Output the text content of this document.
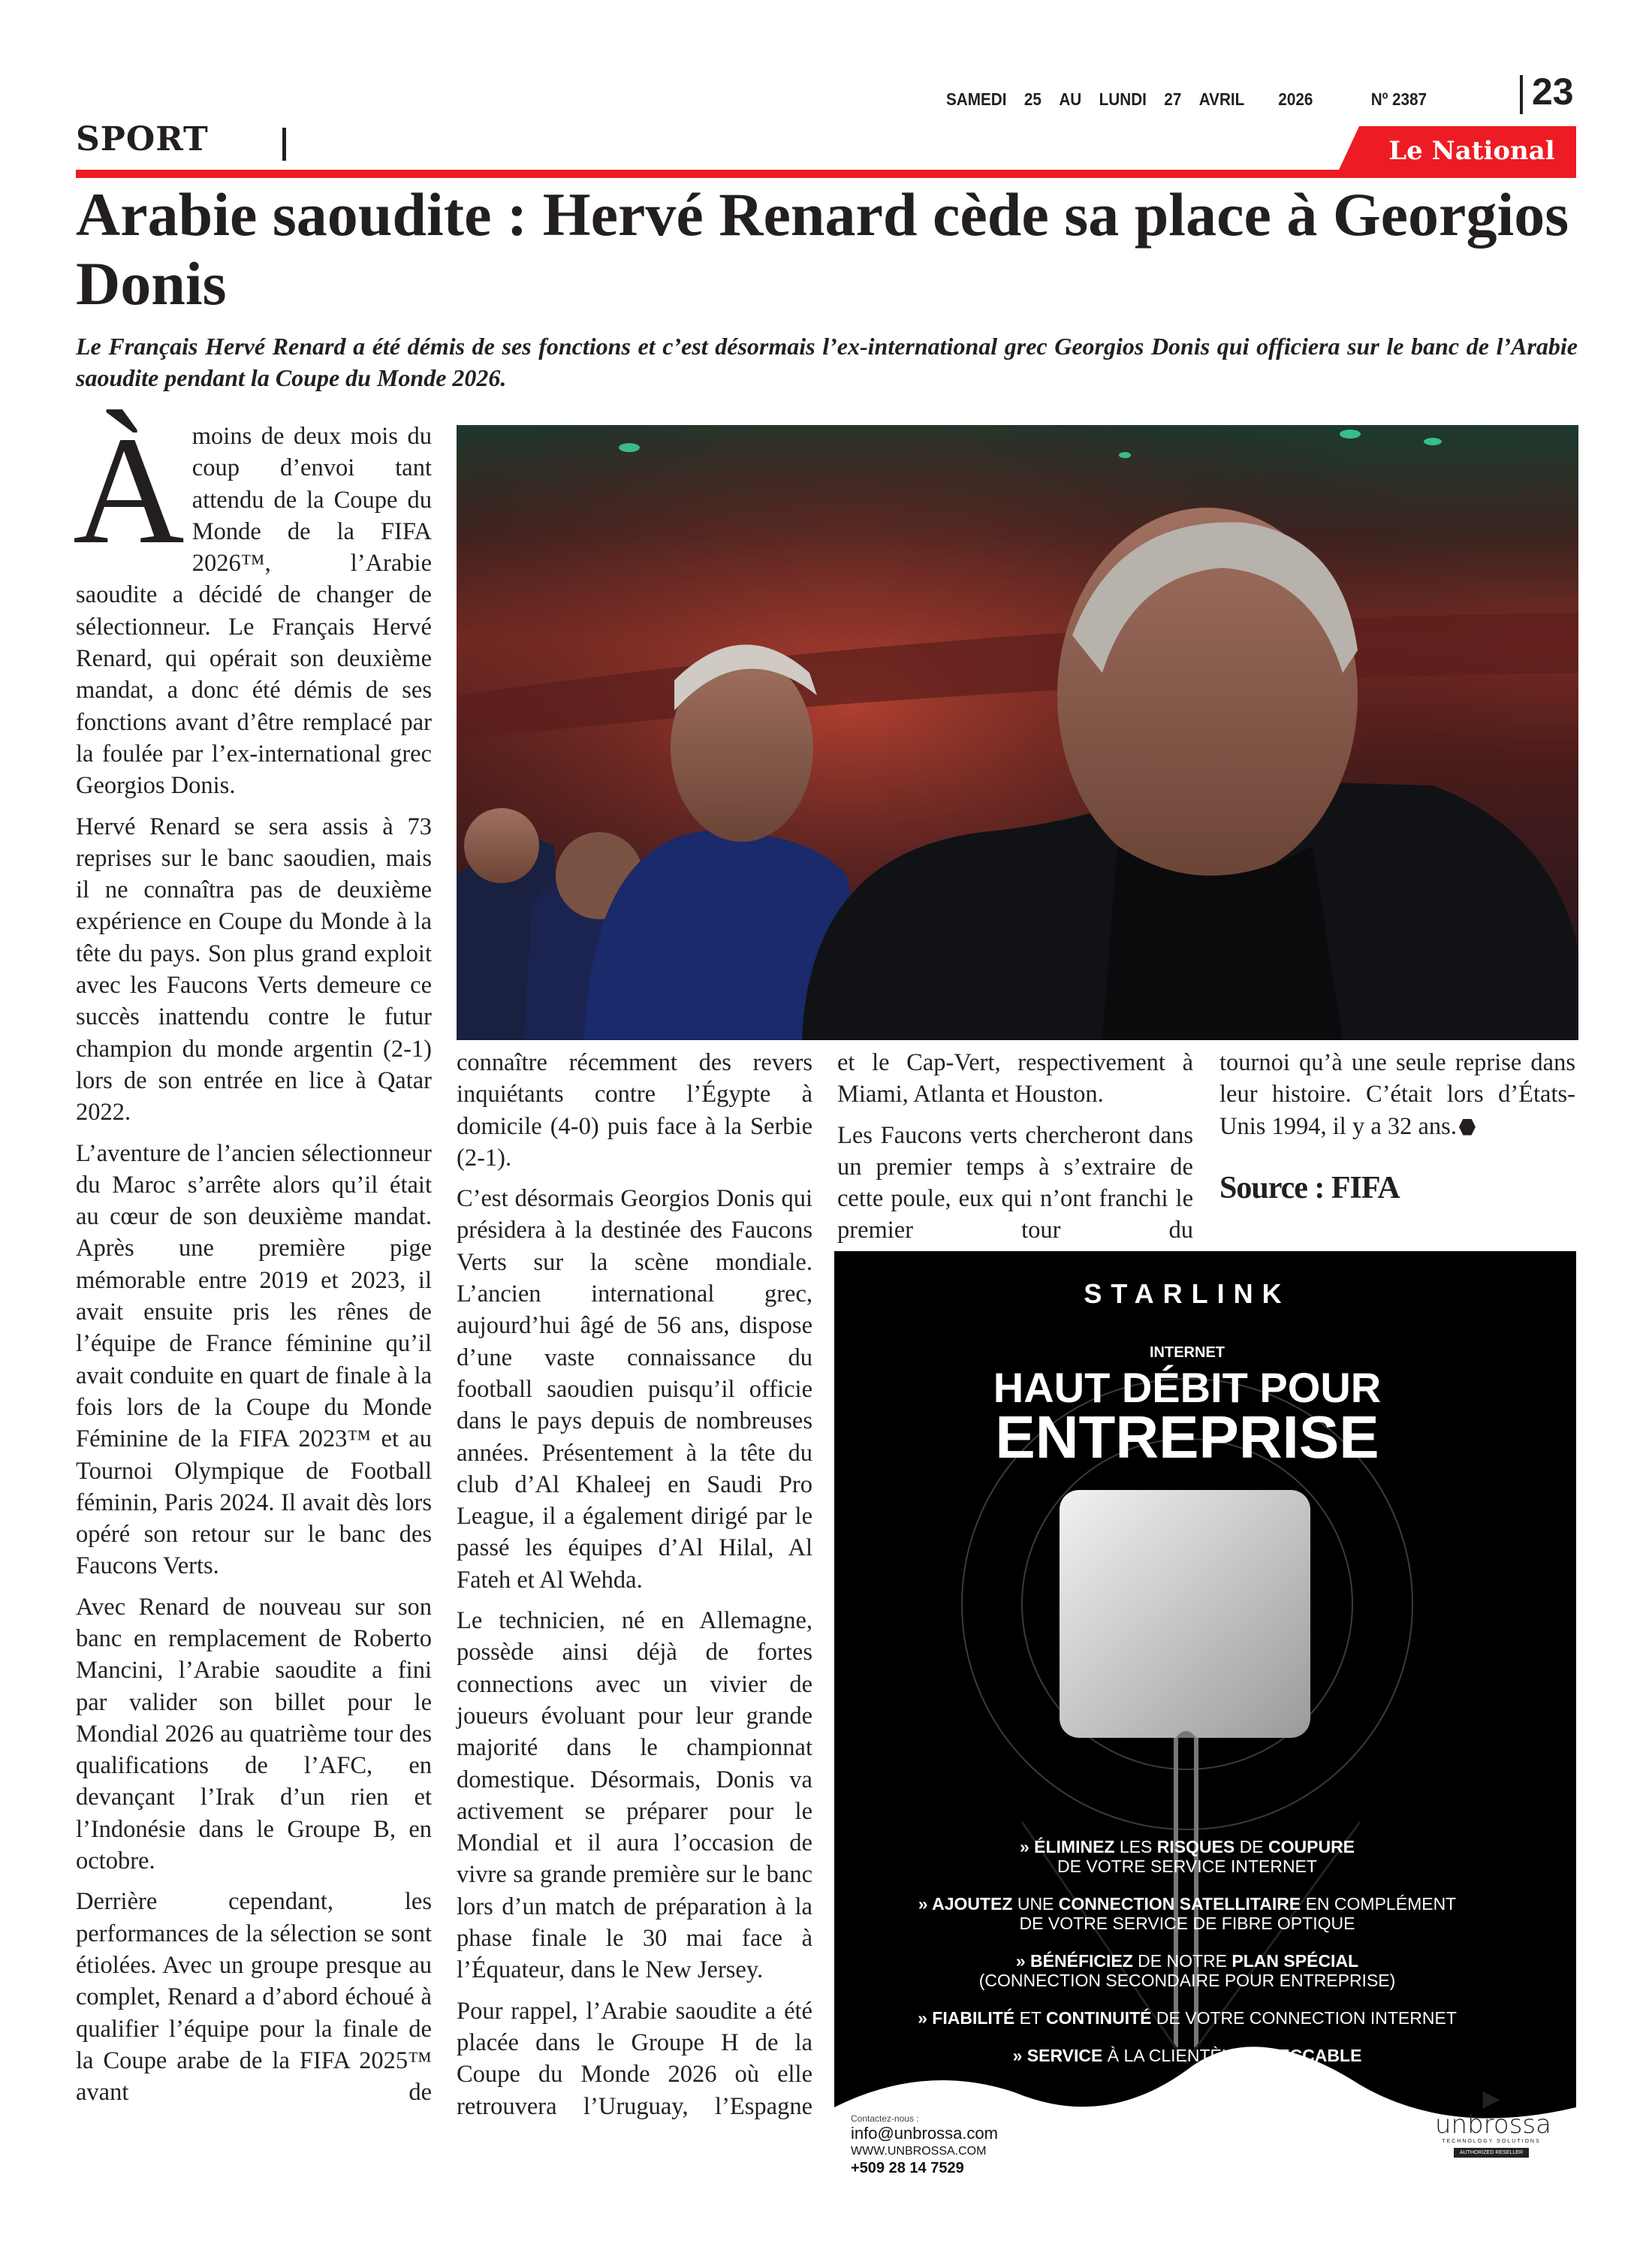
SAMEDI 25 AU LUNDI 27 AVRIL 2026	Nº 2387	23
SPORT	Le National
Arabie saoudite : Hervé Renard cède sa place à Georgios Donis

Le Français Hervé Renard a été démis de ses fonctions et c’est désormais l’ex-international grec Georgios Donis qui officiera sur le banc de l’Arabie saoudite pendant la Coupe du Monde 2026.

À moins de deux mois du coup d’envoi tant attendu de la Coupe du Monde de la FIFA 2026™, l’Arabie saoudite a décidé de changer de sélectionneur. Le Français Hervé Renard, qui opérait son deuxième mandat, a donc été démis de ses fonctions avant d’être remplacé par la foulée par l’ex-international grec Georgios Donis.

Hervé Renard se sera assis à 73 reprises sur le banc saoudien, mais il ne connaîtra pas de deuxième expérience en Coupe du Monde à la tête du pays. Son plus grand exploit avec les Faucons Verts demeure ce succès inattendu contre le futur champion du monde argentin (2-1) lors de son entrée en lice à Qatar 2022.

L’aventure de l’ancien sélectionneur du Maroc s’arrête alors qu’il était au cœur de son deuxième mandat. Après une première pige mémorable entre 2019 et 2023, il avait ensuite pris les rênes de l’équipe de France féminine qu’il avait conduite en quart de finale à la fois lors de la Coupe du Monde Féminine de la FIFA 2023™ et au Tournoi Olympique de Football féminin, Paris 2024. Il avait dès lors opéré son retour sur le banc des Faucons Verts.

Avec Renard de nouveau sur son banc en remplacement de Roberto Mancini, l’Arabie saoudite a fini par valider son billet pour le Mondial 2026 au quatrième tour des qualifications de l’AFC, en devançant l’Irak d’un rien et l’Indonésie dans le Groupe B, en octobre.

Derrière cependant, les performances de la sélection se sont étiolées. Avec un groupe presque au complet, Renard a d’abord échoué à qualifier l’équipe pour la finale de la Coupe arabe de la FIFA 2025™ avant de

connaître récemment des revers inquiétants contre l’Égypte à domicile (4-0) puis face à la Serbie (2-1).

C’est désormais Georgios Donis qui présidera à la destinée des Faucons Verts sur la scène mondiale. L’ancien international grec, aujourd’hui âgé de 56 ans, dispose d’une vaste connaissance du football saoudien puisqu’il officie dans le pays depuis de nombreuses années. Présentement à la tête du club d’Al Khaleej en Saudi Pro League, il a également dirigé par le passé les équipes d’Al Hilal, Al Fateh et Al Wehda.

Le technicien, né en Allemagne, possède ainsi déjà de fortes connections avec un vivier de joueurs évoluant pour leur grande majorité dans le championnat domestique. Désormais, Donis va activement se préparer pour le Mondial et il aura l’occasion de vivre sa grande première sur le banc lors d’un match de préparation à la phase finale le 30 mai face à l’Équateur, dans le New Jersey.

Pour rappel, l’Arabie saoudite a été placée dans le Groupe H de la Coupe du Monde 2026 où elle retrouvera l’Uruguay, l’Espagne

et le Cap-Vert, respectivement à Miami, Atlanta et Houston.

Les Faucons verts chercheront dans un premier temps à s’extraire de cette poule, eux qui n’ont franchi le premier tour du

tournoi qu’à une seule reprise dans leur histoire. C’était lors d’États-Unis 1994, il y a 32 ans.

Source : FIFA
STARLINK
INTERNET
HAUT DÉBIT POUR
ENTREPRISE
» ÉLIMINEZ LES RISQUES DE COUPURE
DE VOTRE SERVICE INTERNET
» AJOUTEZ UNE CONNECTION SATELLITAIRE EN COMPLÉMENT
DE VOTRE SERVICE DE FIBRE OPTIQUE
» BÉNÉFICIEZ DE NOTRE PLAN SPÉCIAL
(CONNECTION SECONDAIRE POUR ENTREPRISE)
» FIABILITÉ ET CONTINUITÉ DE VOTRE CONNECTION INTERNET
» SERVICE À LA CLIENTÈLE IMPECCABLE
Contactez-nous :
info@unbrossa.com
WWW.UNBROSSA.COM
+509 28 14 7529
▶
unbrossa
TECHNOLOGY SOLUTIONS
AUTHORIZED RESELLER
